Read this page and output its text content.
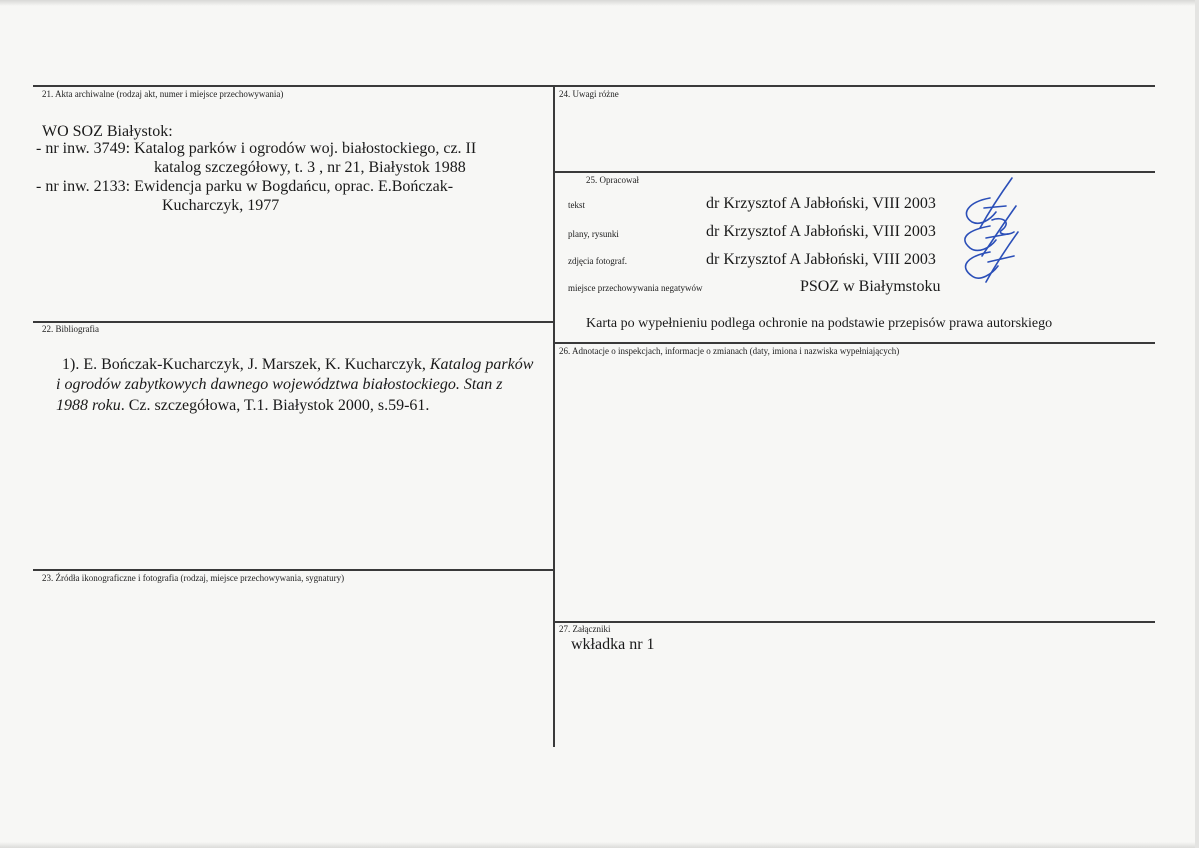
21. Akta archiwalne (rodzaj akt, numer i miejsce przechowywania)
WO SOZ Białystok:
- nr inw. 3749: Katalog parków i ogrodów woj. białostockiego, cz. II
katalog szczegółowy, t. 3 , nr 21, Białystok 1988
- nr inw. 2133: Ewidencja parku w Bogdańcu, oprac. E.Bończak-
Kucharczyk, 1977
22. Bibliografia
1). E. Bończak-Kucharczyk, J. Marszek, K. Kucharczyk, Katalog parków
i ogrodów zabytkowych dawnego województwa białostockiego. Stan z
1988 roku. Cz. szczegółowa, T.1. Białystok 2000, s.59-61.
23. Źródła ikonograficzne i fotografia (rodzaj, miejsce przechowywania, sygnatury)
24. Uwagi różne
25. Opracował
tekst	dr Krzysztof A Jabłoński, VIII 2003
plany, rysunki	dr Krzysztof A Jabłoński, VIII 2003
zdjęcia fotograf.	dr Krzysztof A Jabłoński, VIII 2003
miejsce przechowywania negatywów	PSOZ w Białymstoku
Karta po wypełnieniu podlega ochronie na podstawie przepisów prawa autorskiego
26. Adnotacje o inspekcjach, informacje o zmianach (daty, imiona i nazwiska wypełniających)
27. Załączniki
wkładka nr 1
